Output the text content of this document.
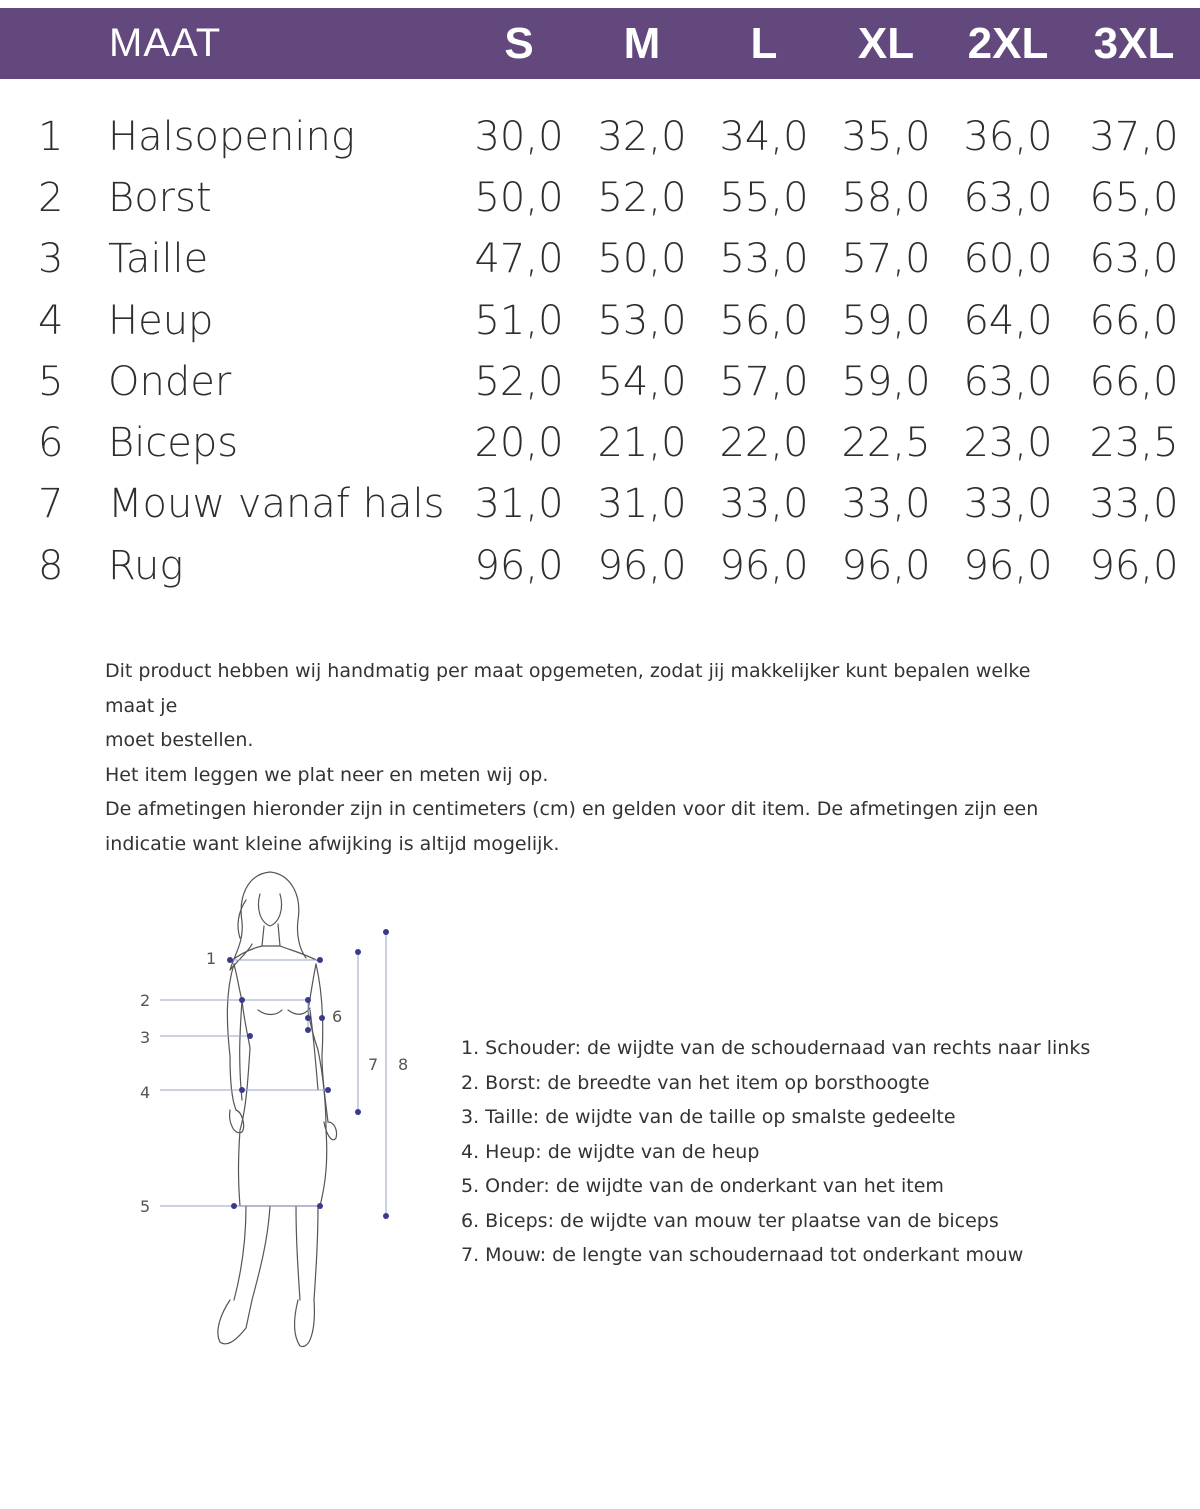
MAAT	S	M	L	XL	2XL	3XL
1 Halsopening	30,0 32,0 34,0 35,0 36,0 37,0
2 Borst	50,0 52,0 55,0 58,0 63,0 65,0
3 Taille	47,0 50,0 53,0 57,0 60,0 63,0
4 Heup	51,0 53,0 56,0 59,0 64,0 66,0
5 Onder	52,0 54,0 57,0 59,0 63,0 66,0
6 Biceps	20,0 21,0 22,0 22,5 23,0 23,5
7 Mouw vanaf hals 31,0 31,0 33,0 33,0 33,0 33,0
8 Rug	96,0 96,0 96,0 96,0 96,0 96,0

Dit product hebben wij handmatig per maat opgemeten, zodat jij makkelijker kunt bepalen welke maat je

moet bestellen.

Het item leggen we plat neer en meten wij op.

De afmetingen hieronder zijn in centimeters (cm) en gelden voor dit item. De afmetingen zijn een

indicatie want kleine afwijking is altijd mogelijk.

1
2
3
4
5
6
7 8

1. Schouder: de wijdte van de schoudernaad van rechts naar links

2. Borst: de breedte van het item op borsthoogte

3. Taille: de wijdte van de taille op smalste gedeelte

4. Heup: de wijdte van de heup

5. Onder: de wijdte van de onderkant van het item

6. Biceps: de wijdte van mouw ter plaatse van de biceps

7. Mouw: de lengte van schoudernaad tot onderkant mouw
